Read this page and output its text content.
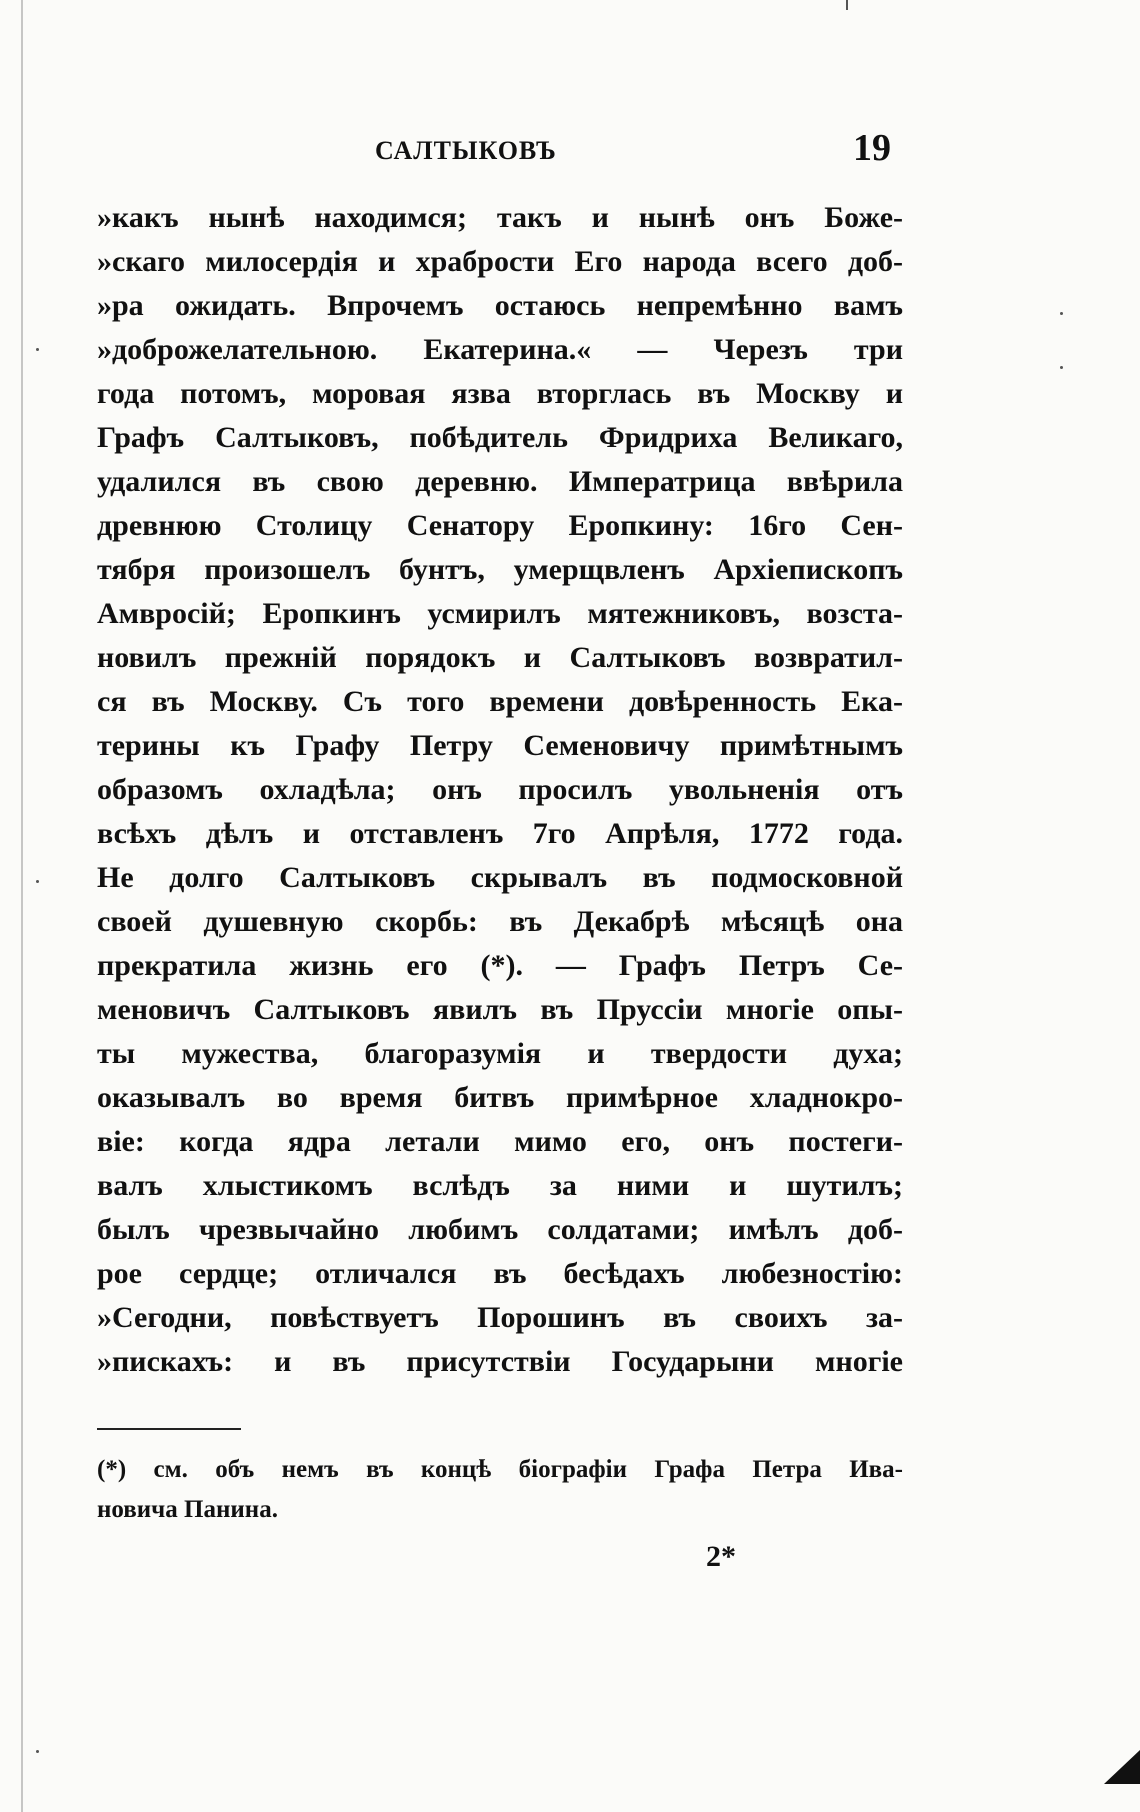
САЛТЫКОВЪ	19
»какъ нынѣ находимся; такъ и нынѣ онъ Боже-
»скаго милосердія и храбрости Его народа всего доб-
»ра ожидать. Впрочемъ остаюсь непремѣнно вамъ
»доброжелательною. Екатерина.« — Черезъ три
года потомъ, моровая язва вторглась въ Москву и
Графъ Салтыковъ, побѣдитель Фридриха Великаго,
удалился въ свою деревню. Императрица ввѣрила
древнюю Столицу Сенатору Еропкину: 16го Сен-
тября произошелъ бунтъ, умерщвленъ Архіепископъ
Амвросій; Еропкинъ усмирилъ мятежниковъ, возста-
новилъ прежній порядокъ и Салтыковъ возвратил-
ся въ Москву. Съ того времени довѣренность Ека-
терины къ Графу Петру Семеновичу примѣтнымъ
образомъ охладѣла; онъ просилъ увольненія отъ
всѣхъ дѣлъ и отставленъ 7го Апрѣля, 1772 года.
Не долго Салтыковъ скрывалъ въ подмосковной
своей душевную скорбь: въ Декабрѣ мѣсяцѣ она
прекратила жизнь его (*). — Графъ Петръ Се-
меновичъ Салтыковъ явилъ въ Пруссіи многіе опы-
ты мужества, благоразумія и твердости духа;
оказывалъ во время битвъ примѣрное хладнокро-
віе: когда ядра летали мимо его, онъ постеги-
валъ хлыстикомъ вслѣдъ за ними и шутилъ;
былъ чрезвычайно любимъ солдатами; имѣлъ доб-
рое сердце; отличался въ бесѣдахъ любезностію:
»Сегодни, повѣствуетъ Порошинъ въ своихъ за-
»пискахъ: и въ присутствіи Государыни многіе
(*) см. объ немъ въ концѣ біографіи Графа Петра Ива-
новича Панина.
2*
